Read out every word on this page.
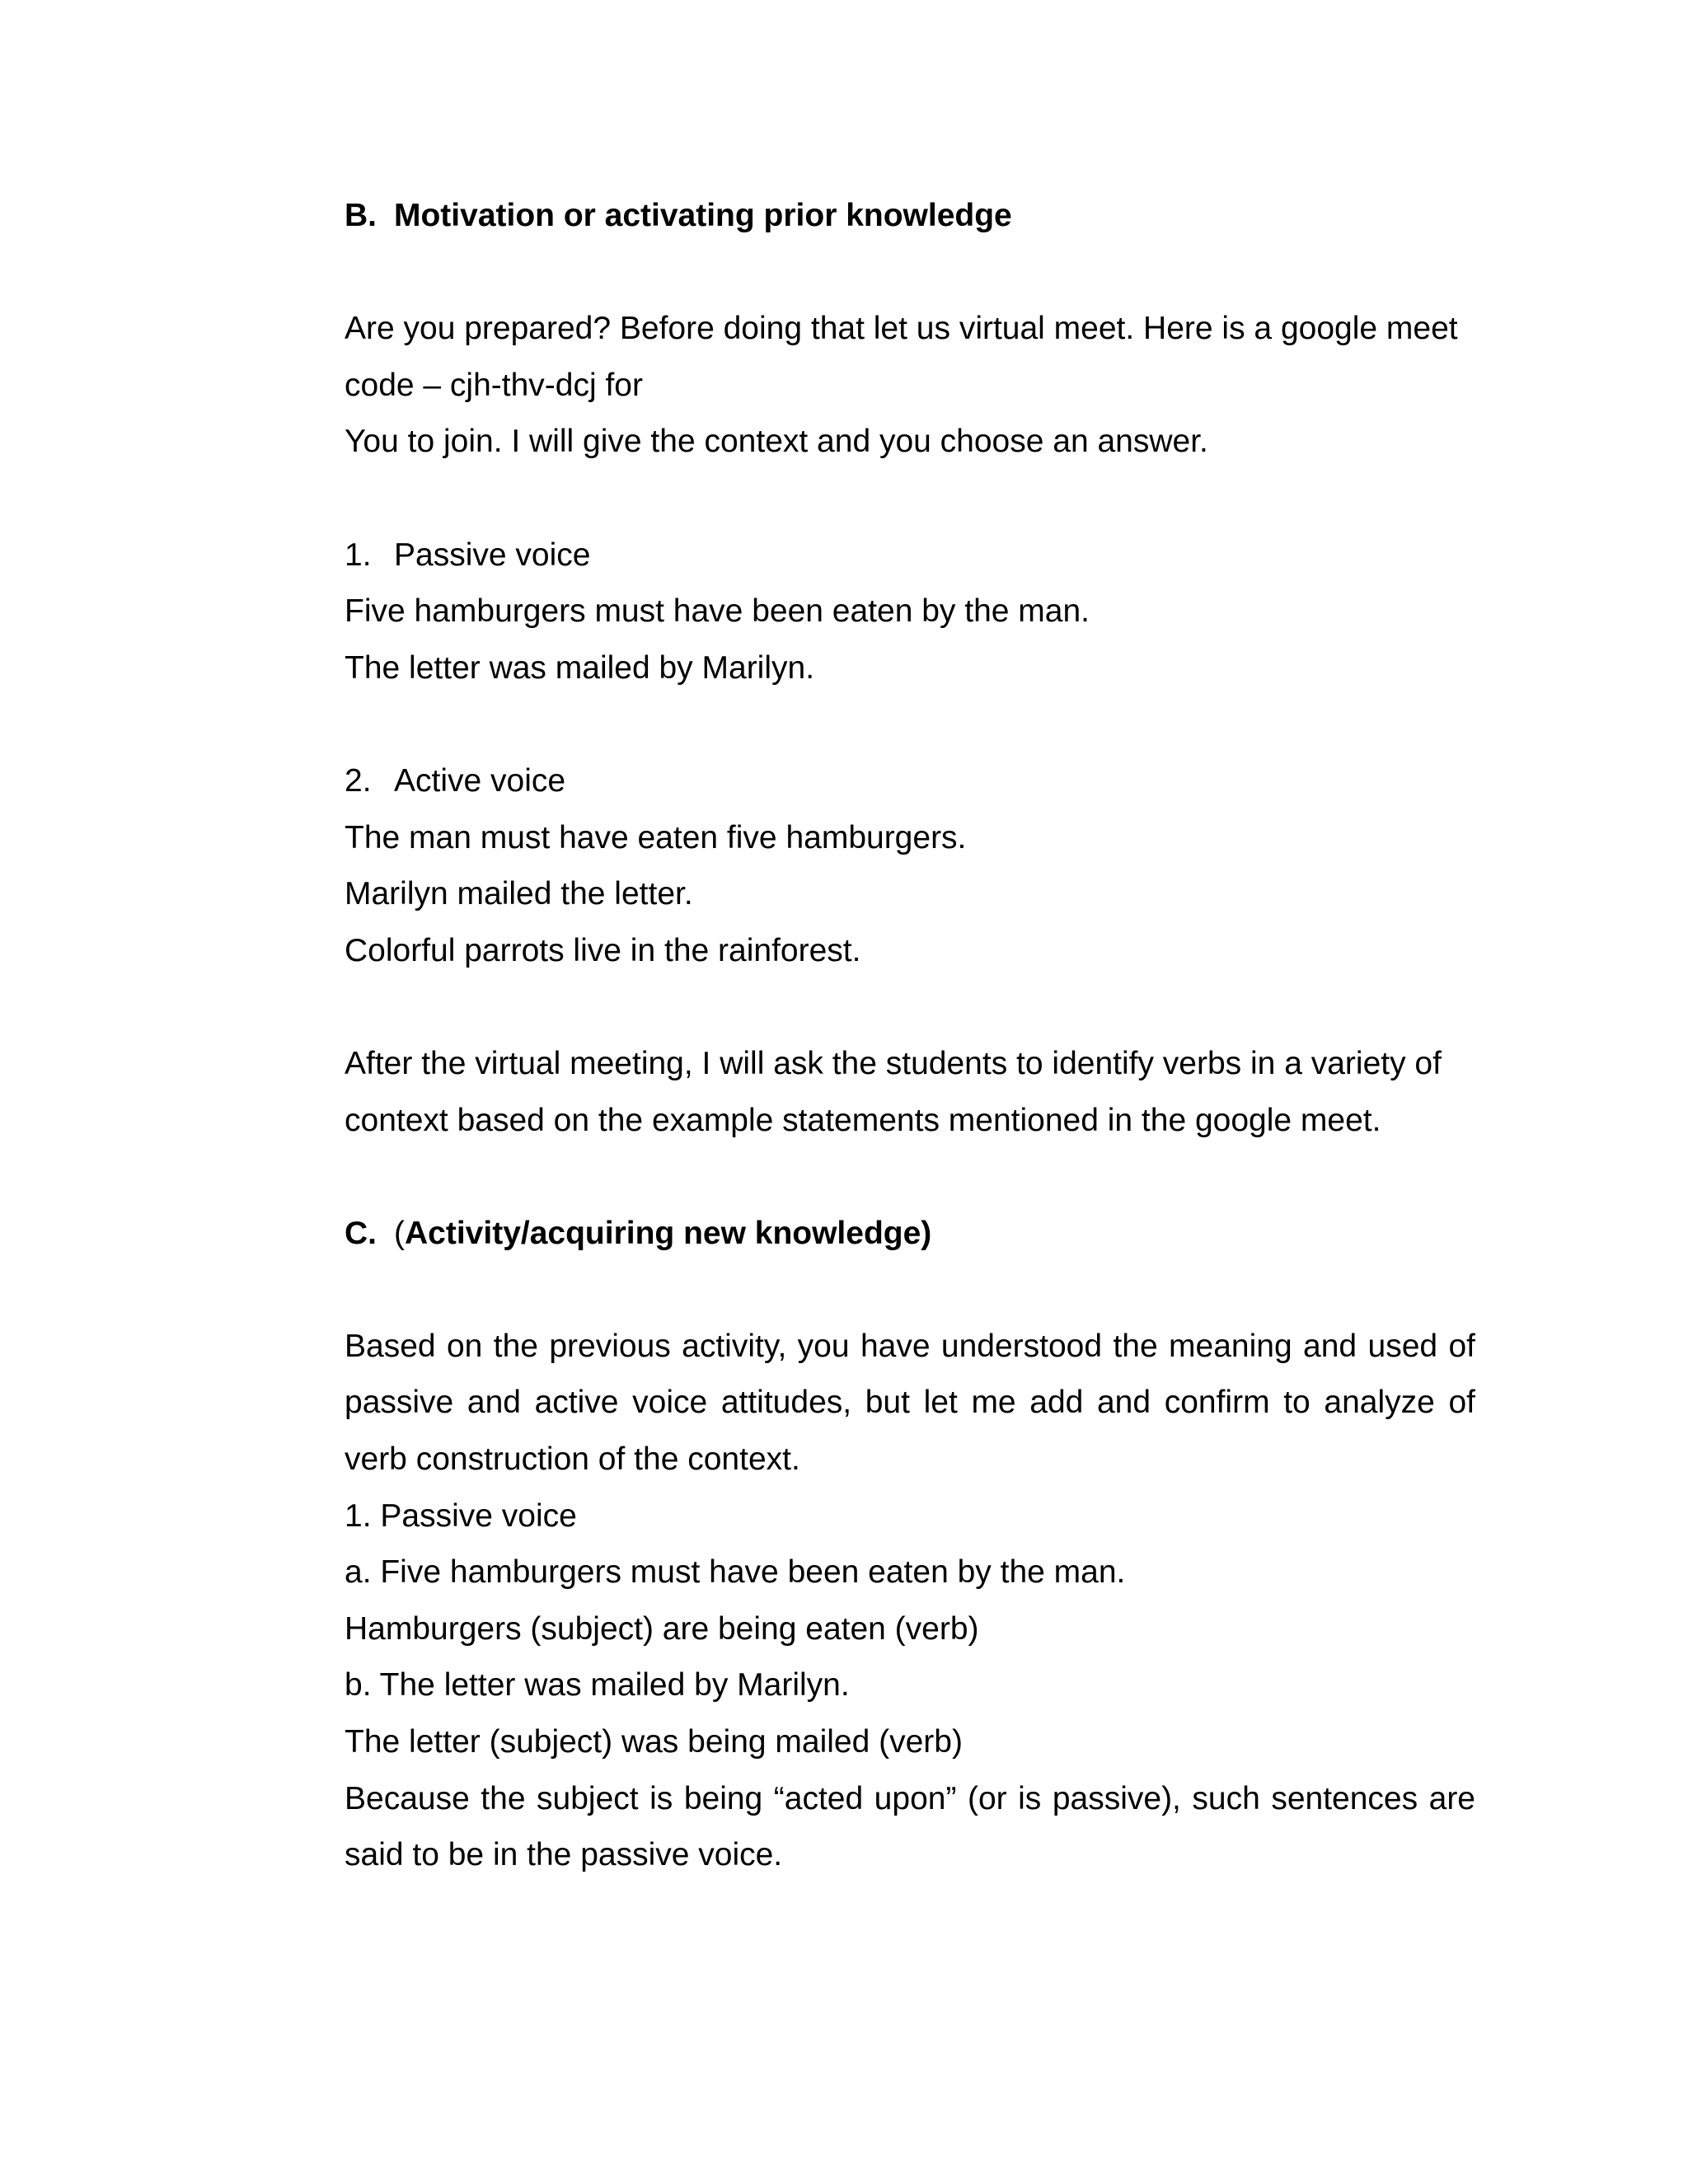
B. Motivation or activating prior knowledge
Are you prepared? Before doing that let us virtual meet. Here is a google meet
code – cjh-thv-dcj for
You to join. I will give the context and you choose an answer.
1. Passive voice
Five hamburgers must have been eaten by the man.
The letter was mailed by Marilyn.
2. Active voice
The man must have eaten five hamburgers.
Marilyn mailed the letter.
Colorful parrots live in the rainforest.
After the virtual meeting, I will ask the students to identify verbs in a variety of
context based on the example statements mentioned in the google meet.
C. (Activity/acquiring new knowledge)
Based on the previous activity, you have understood the meaning and used of
passive and active voice attitudes, but let me add and confirm to analyze of
verb construction of the context.
1. Passive voice
a. Five hamburgers must have been eaten by the man.
Hamburgers (subject) are being eaten (verb)
b. The letter was mailed by Marilyn.
The letter (subject) was being mailed (verb)
Because the subject is being “acted upon” (or is passive), such sentences are
said to be in the passive voice.
